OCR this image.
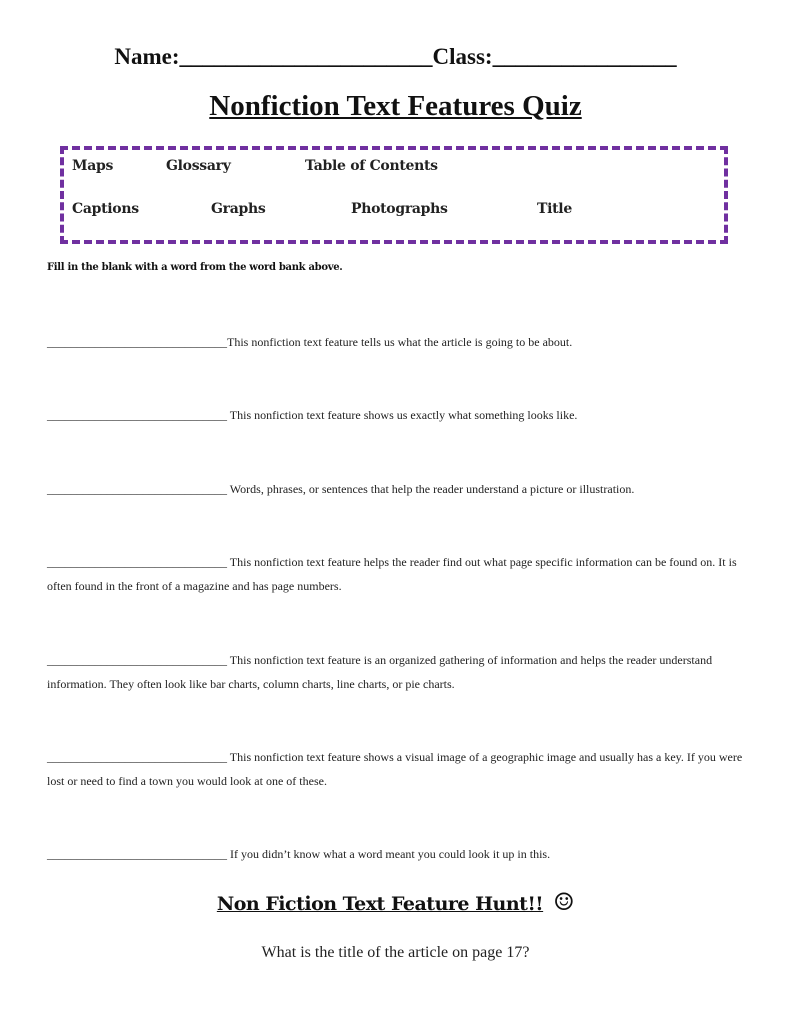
Name:______________________Class:________________
Nonfiction Text Features Quiz
Maps	Glossary	Table of Contents
Captions	Graphs	Photographs	Title
Fill in the blank with a word from the word bank above.
______________________________This nonfiction text feature tells us what the article is going to be about.
______________________________ This nonfiction text feature shows us exactly what something looks like.
______________________________ Words, phrases, or sentences that help the reader understand a picture or illustration.
______________________________ This nonfiction text feature helps the reader find out what page specific information can be found on. It is often found in the front of a magazine and has page numbers.
______________________________ This nonfiction text feature is an organized gathering of information and helps the reader understand information. They often look like bar charts, column charts, line charts, or pie charts.
______________________________ This nonfiction text feature shows a visual image of a geographic image and usually has a key. If you were lost or need to find a town you would look at one of these.
______________________________ If you didn’t know what a word meant you could look it up in this.
Non Fiction Text Feature Hunt!! ☺
What is the title of the article on page 17?
